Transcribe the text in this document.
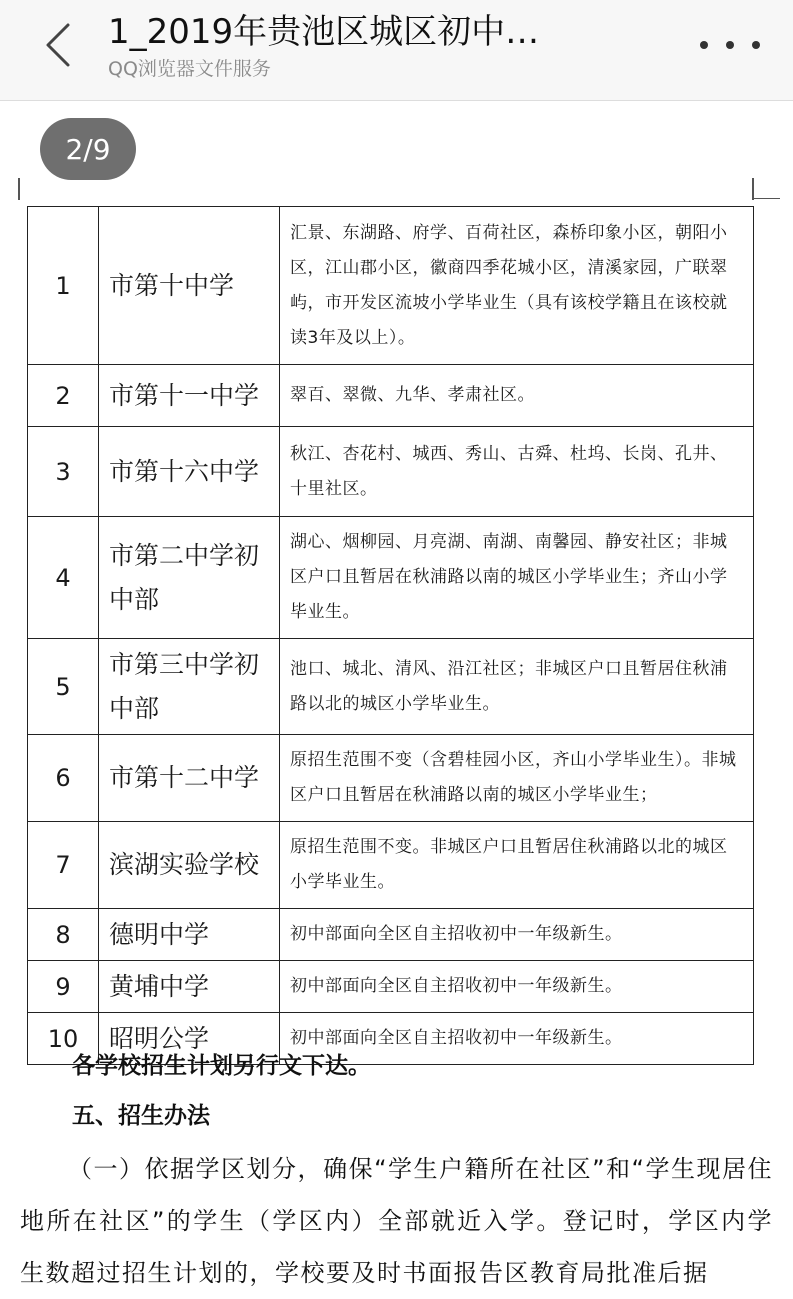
1_2019年贵池区城区初中…
QQ浏览器文件服务
2/9
1	市第十中学	汇景、东湖路、府学、百荷社区，森桥印象小区，朝阳小区，江山郡小区，徽商四季花城小区，清溪家园，广联翠屿，市开发区流坡小学毕业生（具有该校学籍且在该校就读3年及以上）。
2	市第十一中学	翠百、翠微、九华、孝肃社区。
3	市第十六中学	秋江、杏花村、城西、秀山、古舜、杜坞、长岗、孔井、十里社区。
4	市第二中学初中部	湖心、烟柳园、月亮湖、南湖、南馨园、静安社区；非城区户口且暂居在秋浦路以南的城区小学毕业生；齐山小学毕业生。
5	市第三中学初中部	池口、城北、清风、沿江社区；非城区户口且暂居住秋浦路以北的城区小学毕业生。
6	市第十二中学	原招生范围不变（含碧桂园小区，齐山小学毕业生）。非城区户口且暂居在秋浦路以南的城区小学毕业生；
7	滨湖实验学校	原招生范围不变。非城区户口且暂居住秋浦路以北的城区小学毕业生。
8	德明中学	初中部面向全区自主招收初中一年级新生。
9	黄埔中学	初中部面向全区自主招收初中一年级新生。
10	昭明公学	初中部面向全区自主招收初中一年级新生。
各学校招生计划另行文下达。
五、招生办法
（一）依据学区划分，确保“学生户籍所在社区”和“学生现居住地所在社区”的学生（学区内）全部就近入学。登记时，学区内学生数超过招生计划的，学校要及时书面报告区教育局批准后据
